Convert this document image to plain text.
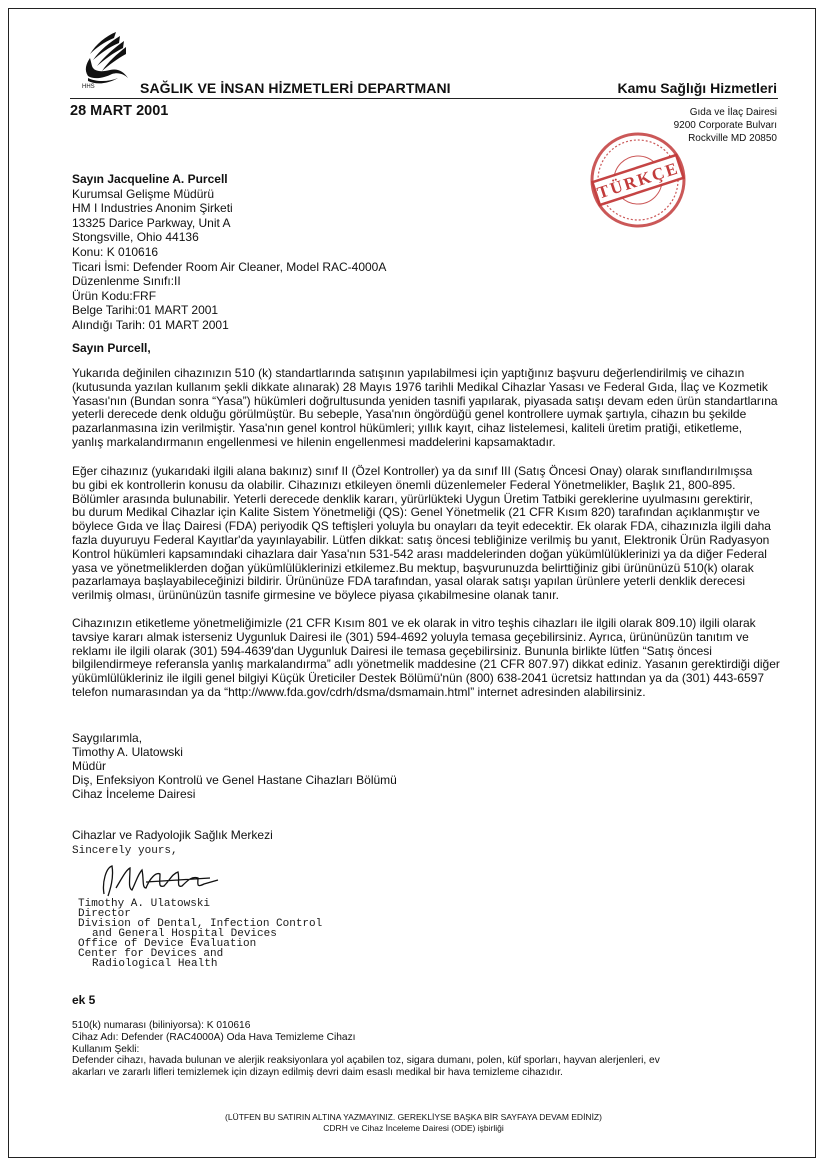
HHS	SAĞLIK VE İNSAN HİZMETLERİ DEPARTMANI	Kamu Sağlığı Hizmetleri
28 MART 2001	Gıda ve İlaç Dairesi
9200 Corporate Bulvarı
Rockville MD 20850
TÜRKÇE
Sayın Jacqueline A. Purcell
Kurumsal Gelişme Müdürü
HM I Industries Anonim Şirketi
13325 Darice Parkway, Unit A
Stongsville, Ohio 44136
Konu: K 010616
Ticari İsmi: Defender Room Air Cleaner, Model RAC-4000A
Düzenlenme Sınıfı:II
Ürün Kodu:FRF
Belge Tarihi:01 MART 2001
Alındığı Tarih: 01 MART 2001
Sayın Purcell,
Yukarıda değinilen cihazınızın 510 (k) standartlarında satışının yapılabilmesi için yaptığınız başvuru değerlendirilmiş ve cihazın
(kutusunda yazılan kullanım şekli dikkate alınarak) 28 Mayıs 1976 tarihli Medikal Cihazlar Yasası ve Federal Gıda, İlaç ve Kozmetik
Yasası'nın (Bundan sonra “Yasa”) hükümleri doğrultusunda yeniden tasnifi yapılarak, piyasada satışı devam eden ürün standartlarına
yeterli derecede denk olduğu görülmüştür. Bu sebeple, Yasa'nın öngördüğü genel kontrollere uymak şartıyla, cihazın bu şekilde
pazarlanmasına izin verilmiştir. Yasa'nın genel kontrol hükümleri; yıllık kayıt, cihaz listelemesi, kaliteli üretim pratiği, etiketleme,
yanlış markalandırmanın engellenmesi ve hilenin engellenmesi maddelerini kapsamaktadır.
Eğer cihazınız (yukarıdaki ilgili alana bakınız) sınıf II (Özel Kontroller) ya da sınıf III (Satış Öncesi Onay) olarak sınıflandırılmışsa
bu gibi ek kontrollerin konusu da olabilir. Cihazınızı etkileyen önemli düzenlemeler Federal Yönetmelikler, Başlık 21, 800-895.
Bölümler arasında bulunabilir. Yeterli derecede denklik kararı, yürürlükteki Uygun Üretim Tatbiki gereklerine uyulmasını gerektirir,
bu durum Medikal Cihazlar için Kalite Sistem Yönetmeliği (QS): Genel Yönetmelik (21 CFR Kısım 820) tarafından açıklanmıştır ve
böylece Gıda ve İlaç Dairesi (FDA) periyodik QS teftişleri yoluyla bu onayları da teyit edecektir. Ek olarak FDA, cihazınızla ilgili daha
fazla duyuruyu Federal Kayıtlar'da yayınlayabilir. Lütfen dikkat: satış öncesi tebliğinize verilmiş bu yanıt, Elektronik Ürün Radyasyon
Kontrol hükümleri kapsamındaki cihazlara dair Yasa'nın 531-542 arası maddelerinden doğan yükümlülüklerinizi ya da diğer Federal
yasa ve yönetmeliklerden doğan yükümlülüklerinizi etkilemez.Bu mektup, başvurunuzda belirttiğiniz gibi ürününüzü 510(k) olarak
pazarlamaya başlayabileceğinizi bildirir. Ürününüze FDA tarafından, yasal olarak satışı yapılan ürünlere yeterli denklik derecesi
verilmiş olması, ürününüzün tasnife girmesine ve böylece piyasa çıkabilmesine olanak tanır.
Cihazınızın etiketleme yönetmeliğimizle (21 CFR Kısım 801 ve ek olarak in vitro teşhis cihazları ile ilgili olarak 809.10) ilgili olarak
tavsiye kararı almak isterseniz Uygunluk Dairesi ile (301) 594-4692 yoluyla temasa geçebilirsiniz. Ayrıca, ürününüzün tanıtım ve
reklamı ile ilgili olarak (301) 594-4639'dan Uygunluk Dairesi ile temasa geçebilirsiniz. Bununla birlikte lütfen “Satış öncesi
bilgilendirmeye referansla yanlış markalandırma” adlı yönetmelik maddesine (21 CFR 807.97) dikkat ediniz. Yasanın gerektirdiği diğer
yükümlülükleriniz ile ilgili genel bilgiyi Küçük Üreticiler Destek Bölümü'nün (800) 638-2041 ücretsiz hattından ya da (301) 443-6597
telefon numarasından ya da “http://www.fda.gov/cdrh/dsma/dsmamain.html” internet adresinden alabilirsiniz.
Saygılarımla,
Timothy A. Ulatowski
Müdür
Diş, Enfeksiyon Kontrolü ve Genel Hastane Cihazları Bölümü
Cihaz İnceleme Dairesi
Cihazlar ve Radyolojik Sağlık Merkezi
Sincerely yours,
Timothy A. Ulatowski
Director
Division of Dental, Infection Control
and General Hospital Devices
Office of Device Evaluation
Center for Devices and
Radiological Health
ek 5
510(k) numarası (biliniyorsa): K 010616
Cihaz Adı: Defender (RAC4000A) Oda Hava Temizleme Cihazı
Kullanım Şekli:
Defender cihazı, havada bulunan ve alerjik reaksiyonlara yol açabilen toz, sigara dumanı, polen, küf sporları, hayvan alerjenleri, ev
akarları ve zararlı lifleri temizlemek için dizayn edilmiş devri daim esaslı medikal bir hava temizleme cihazıdır.
(LÜTFEN BU SATIRIN ALTINA YAZMAYINIZ. GEREKLİYSE BAŞKA BİR SAYFAYA DEVAM EDİNİZ)
CDRH ve Cihaz İnceleme Dairesi (ODE) işbirliği
